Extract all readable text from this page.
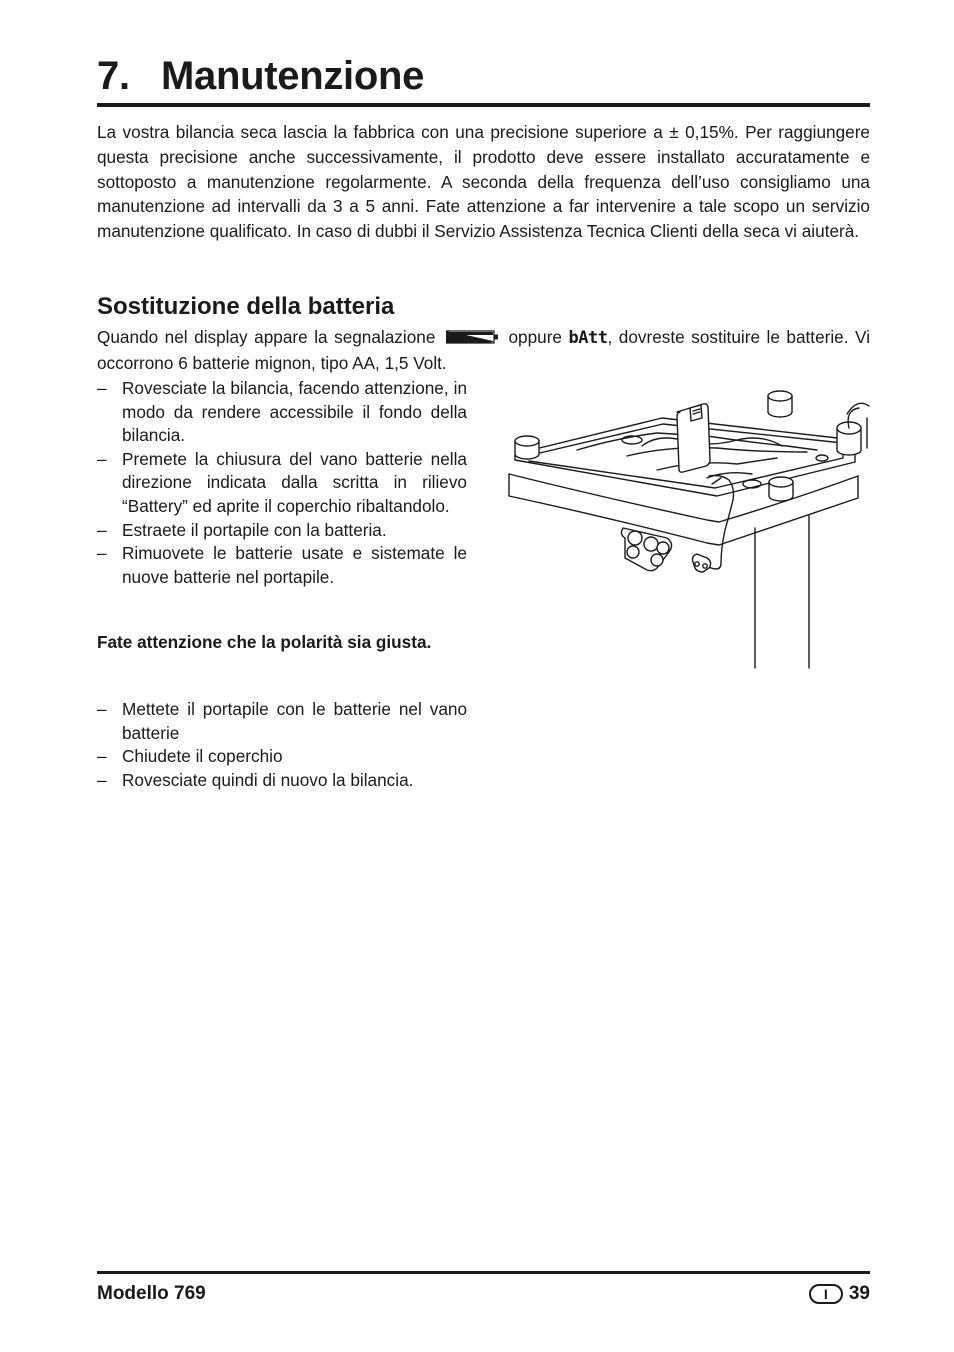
7. Manutenzione

La vostra bilancia seca lascia la fabbrica con una precisione superiore a ± 0,15%. Per raggiungere questa precisione anche successivamente, il prodotto deve essere installato accuratamente e sottoposto a manutenzione regolarmente. A seconda della frequenza dell’uso consigliamo una manutenzione ad intervalli da 3 a 5 anni. Fate attenzione a far intervenire a tale scopo un servizio manutenzione qualificato. In caso di dubbi il Servizio Assistenza Tecnica Clienti della seca vi aiuterà.

Sostituzione della batteria

Quando nel display appare la segnalazione	oppure bAtt, dovreste sostituire le batterie. Vi occorrono 6 batterie mignon, tipo AA, 1,5 Volt.

– Rovesciate la bilancia, facendo attenzione, in modo da rendere accessibile il fondo della bilancia.
– Premete la chiusura del vano batterie nella direzione indicata dalla scritta in rilievo “Battery” ed aprite il coperchio ribaltandolo.
– Estraete il portapile con la batteria.
– Rimuovete le batterie usate e sistemate le nuove batterie nel portapile.

Fate attenzione che la polarità sia giusta.

– Mettete il portapile con le batterie nel vano batterie
– Chiudete il coperchio
– Rovesciate quindi di nuovo la bilancia.
Modello 769	I	39
